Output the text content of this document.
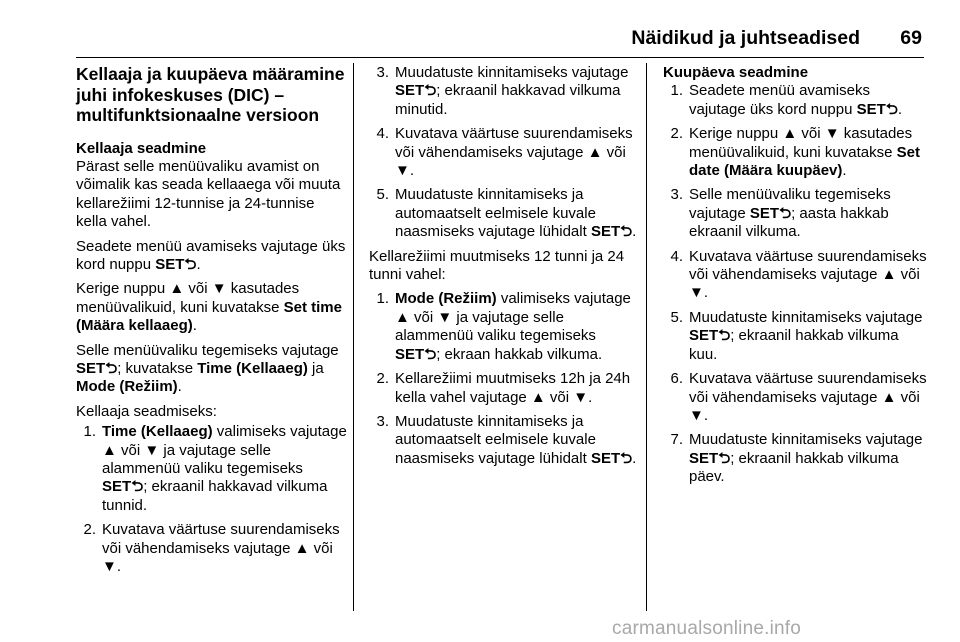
Näidikud ja juhtseadised	69

Kellaaja ja kuupäeva määramine juhi infokeskuses (DIC) – multifunktsionaalne versioon

Kellaaja seadmine

Pärast selle menüüvaliku avamist on võimalik kas seada kellaaega või muuta kellarežiimi 12-tunnise ja 24-tunnise kella vahel.

Seadete menüü avamiseks vajutage üks kord nuppu SET⮌.

Kerige nuppu ▲ või ▼ kasutades menüüvalikuid, kuni kuvatakse Set time (Määra kellaaeg).

Selle menüüvaliku tegemiseks vajutage SET⮌; kuvatakse Time (Kellaaeg) ja Mode (Režiim).

Kellaaja seadmiseks:

1. Time (Kellaaeg) valimiseks vajutage ▲ või ▼ ja vajutage selle alammenüü valiku tegemiseks SET⮌; ekraanil hakkavad vilkuma tunnid.
2. Kuvatava väärtuse suurendamiseks või vähendamiseks vajutage ▲ või ▼.
3. Muudatuste kinnitamiseks vajutage SET⮌; ekraanil hakkavad vilkuma minutid.
4. Kuvatava väärtuse suurendamiseks või vähendamiseks vajutage ▲ või ▼.
5. Muudatuste kinnitamiseks ja automaatselt eelmisele kuvale naasmiseks vajutage lühidalt SET⮌.

Kellarežiimi muutmiseks 12 tunni ja 24 tunni vahel:

1. Mode (Režiim) valimiseks vajutage ▲ või ▼ ja vajutage selle alammenüü valiku tegemiseks SET⮌; ekraan hakkab vilkuma.
2. Kellarežiimi muutmiseks 12h ja 24h kella vahel vajutage ▲ või ▼.
3. Muudatuste kinnitamiseks ja automaatselt eelmisele kuvale naasmiseks vajutage lühidalt SET⮌.

Kuupäeva seadmine

1. Seadete menüü avamiseks vajutage üks kord nuppu SET⮌.
2. Kerige nuppu ▲ või ▼ kasutades menüüvalikuid, kuni kuvatakse Set date (Määra kuupäev).
3. Selle menüüvaliku tegemiseks vajutage SET⮌; aasta hakkab ekraanil vilkuma.
4. Kuvatava väärtuse suurendamiseks või vähendamiseks vajutage ▲ või ▼.
5. Muudatuste kinnitamiseks vajutage SET⮌; ekraanil hakkab vilkuma kuu.
6. Kuvatava väärtuse suurendamiseks või vähendamiseks vajutage ▲ või ▼.
7. Muudatuste kinnitamiseks vajutage SET⮌; ekraanil hakkab vilkuma päev.
carmanualsonline.info
